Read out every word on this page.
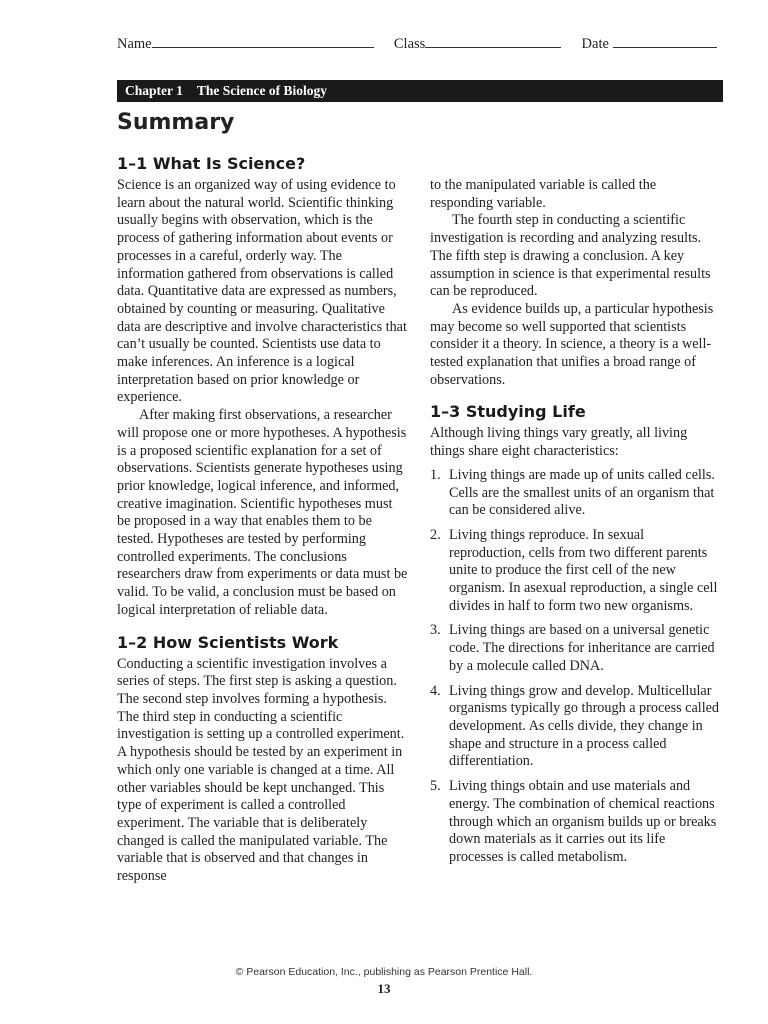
Name	Class	Date
Chapter 1 The Science of Biology
Summary
1–1 What Is Science?

Science is an organized way of using evidence to learn about the natural world. Scientific thinking usually begins with observation, which is the process of gathering information about events or processes in a careful, orderly way. The information gathered from observations is called data. Quantitative data are expressed as numbers, obtained by counting or measuring. Qualitative data are descriptive and involve characteristics that can’t usually be counted. Scientists use data to make inferences. An inference is a logical interpretation based on prior knowledge or experience.

After making first observations, a researcher will propose one or more hypotheses. A hypothesis is a proposed scientific explanation for a set of observations. Scientists generate hypotheses using prior knowledge, logical inference, and informed, creative imagination. Scientific hypotheses must be proposed in a way that enables them to be tested. Hypotheses are tested by performing controlled experiments. The conclusions researchers draw from experiments or data must be valid. To be valid, a conclusion must be based on logical interpretation of reliable data.

1–2 How Scientists Work

Conducting a scientific investigation involves a series of steps. The first step is asking a question. The second step involves forming a hypothesis. The third step in conducting a scientific investigation is setting up a controlled experiment. A hypothesis should be tested by an experiment in which only one variable is changed at a time. All other variables should be kept unchanged. This type of experiment is called a controlled experiment. The variable that is deliberately changed is called the manipulated variable. The variable that is observed and that changes in response

to the manipulated variable is called the responding variable.

The fourth step in conducting a scientific investigation is recording and analyzing results. The fifth step is drawing a conclusion. A key assumption in science is that experimental results can be reproduced.

As evidence builds up, a particular hypothesis may become so well supported that scientists consider it a theory. In science, a theory is a well-tested explanation that unifies a broad range of observations.

1–3 Studying Life

Although living things vary greatly, all living things share eight characteristics:

1. Living things are made up of units called cells. Cells are the smallest units of an organism that can be considered alive.
2. Living things reproduce. In sexual reproduction, cells from two different parents unite to produce the first cell of the new organism. In asexual reproduction, a single cell divides in half to form two new organisms.
3. Living things are based on a universal genetic code. The directions for inheritance are carried by a molecule called DNA.
4. Living things grow and develop. Multicellular organisms typically go through a process called development. As cells divide, they change in shape and structure in a process called differentiation.
5. Living things obtain and use materials and energy. The combination of chemical reactions through which an organism builds up or breaks down materials as it carries out its life processes is called metabolism.
© Pearson Education, Inc., publishing as Pearson Prentice Hall.
13
